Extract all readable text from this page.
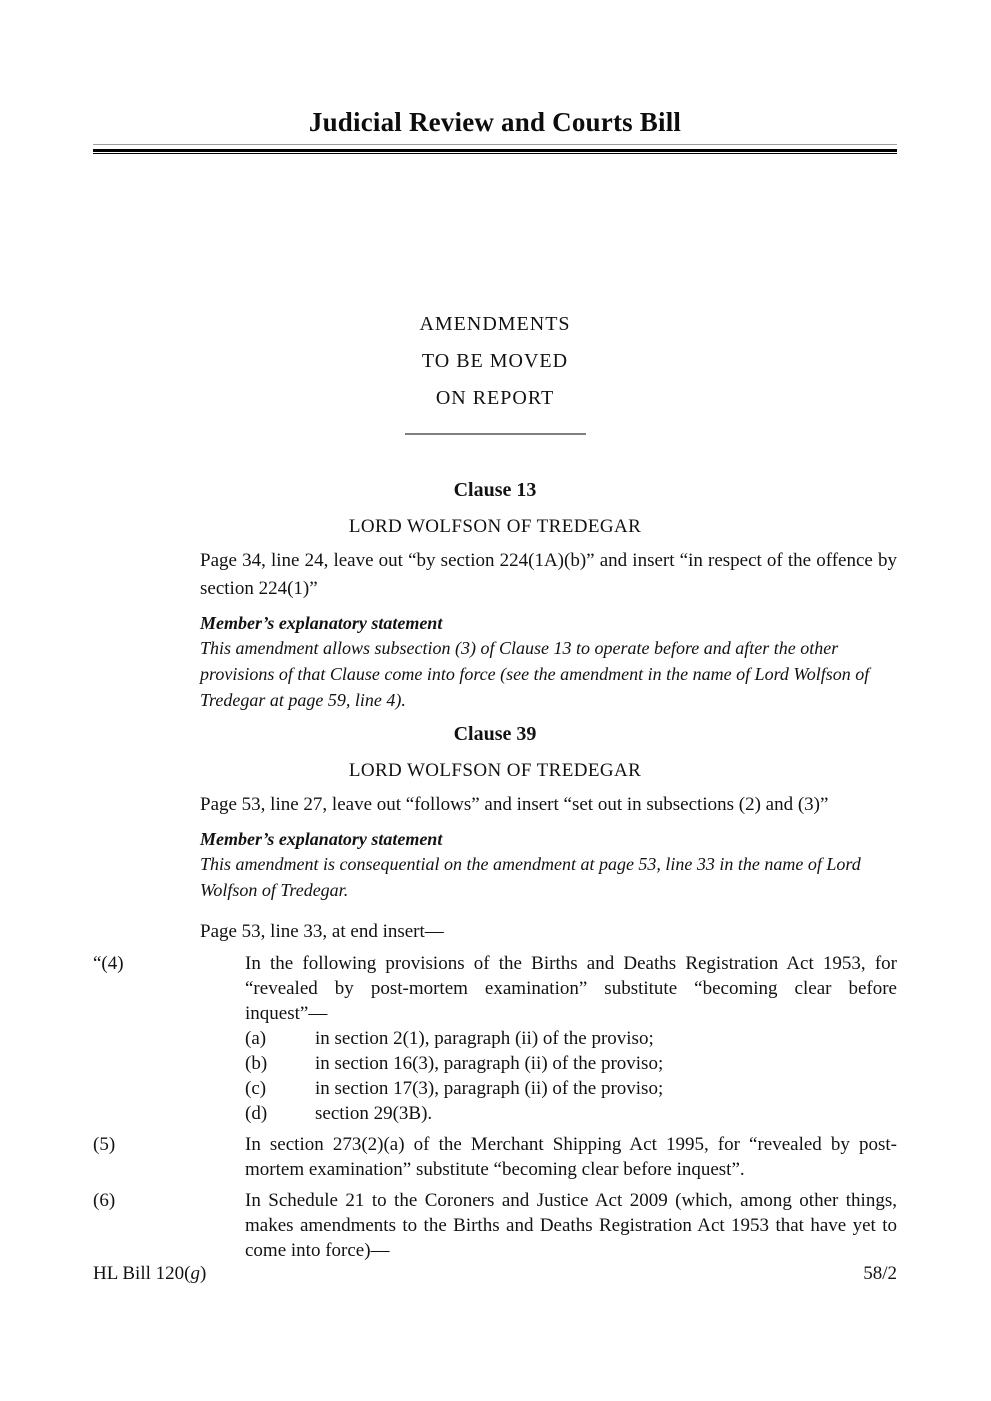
Judicial Review and Courts Bill
AMENDMENTS
TO BE MOVED
ON REPORT
Clause 13
LORD WOLFSON OF TREDEGAR

Page 34, line 24, leave out “by section 224(1A)(b)” and insert “in respect of the offence by section 224(1)”

Member’s explanatory statement
This amendment allows subsection (3) of Clause 13 to operate before and after the other provisions of that Clause come into force (see the amendment in the name of Lord Wolfson of Tredegar at page 59, line 4).
Clause 39
LORD WOLFSON OF TREDEGAR

Page 53, line 27, leave out “follows” and insert “set out in subsections (2) and (3)”

Member’s explanatory statement
This amendment is consequential on the amendment at page 53, line 33 in the name of Lord Wolfson of Tredegar.

Page 53, line 33, at end insert—

“(4)	In the following provisions of the Births and Deaths Registration Act 1953, for “revealed by post-mortem examination” substitute “becoming clear before inquest”—
(a)	in section 2(1), paragraph (ii) of the proviso;
(b)	in section 16(3), paragraph (ii) of the proviso;
(c)	in section 17(3), paragraph (ii) of the proviso;
(d)	section 29(3B).
(5)	In section 273(2)(a) of the Merchant Shipping Act 1995, for “revealed by post-mortem examination” substitute “becoming clear before inquest”.
(6)	In Schedule 21 to the Coroners and Justice Act 2009 (which, among other things, makes amendments to the Births and Deaths Registration Act 1953 that have yet to come into force)—
HL Bill 120(g)	58/2
